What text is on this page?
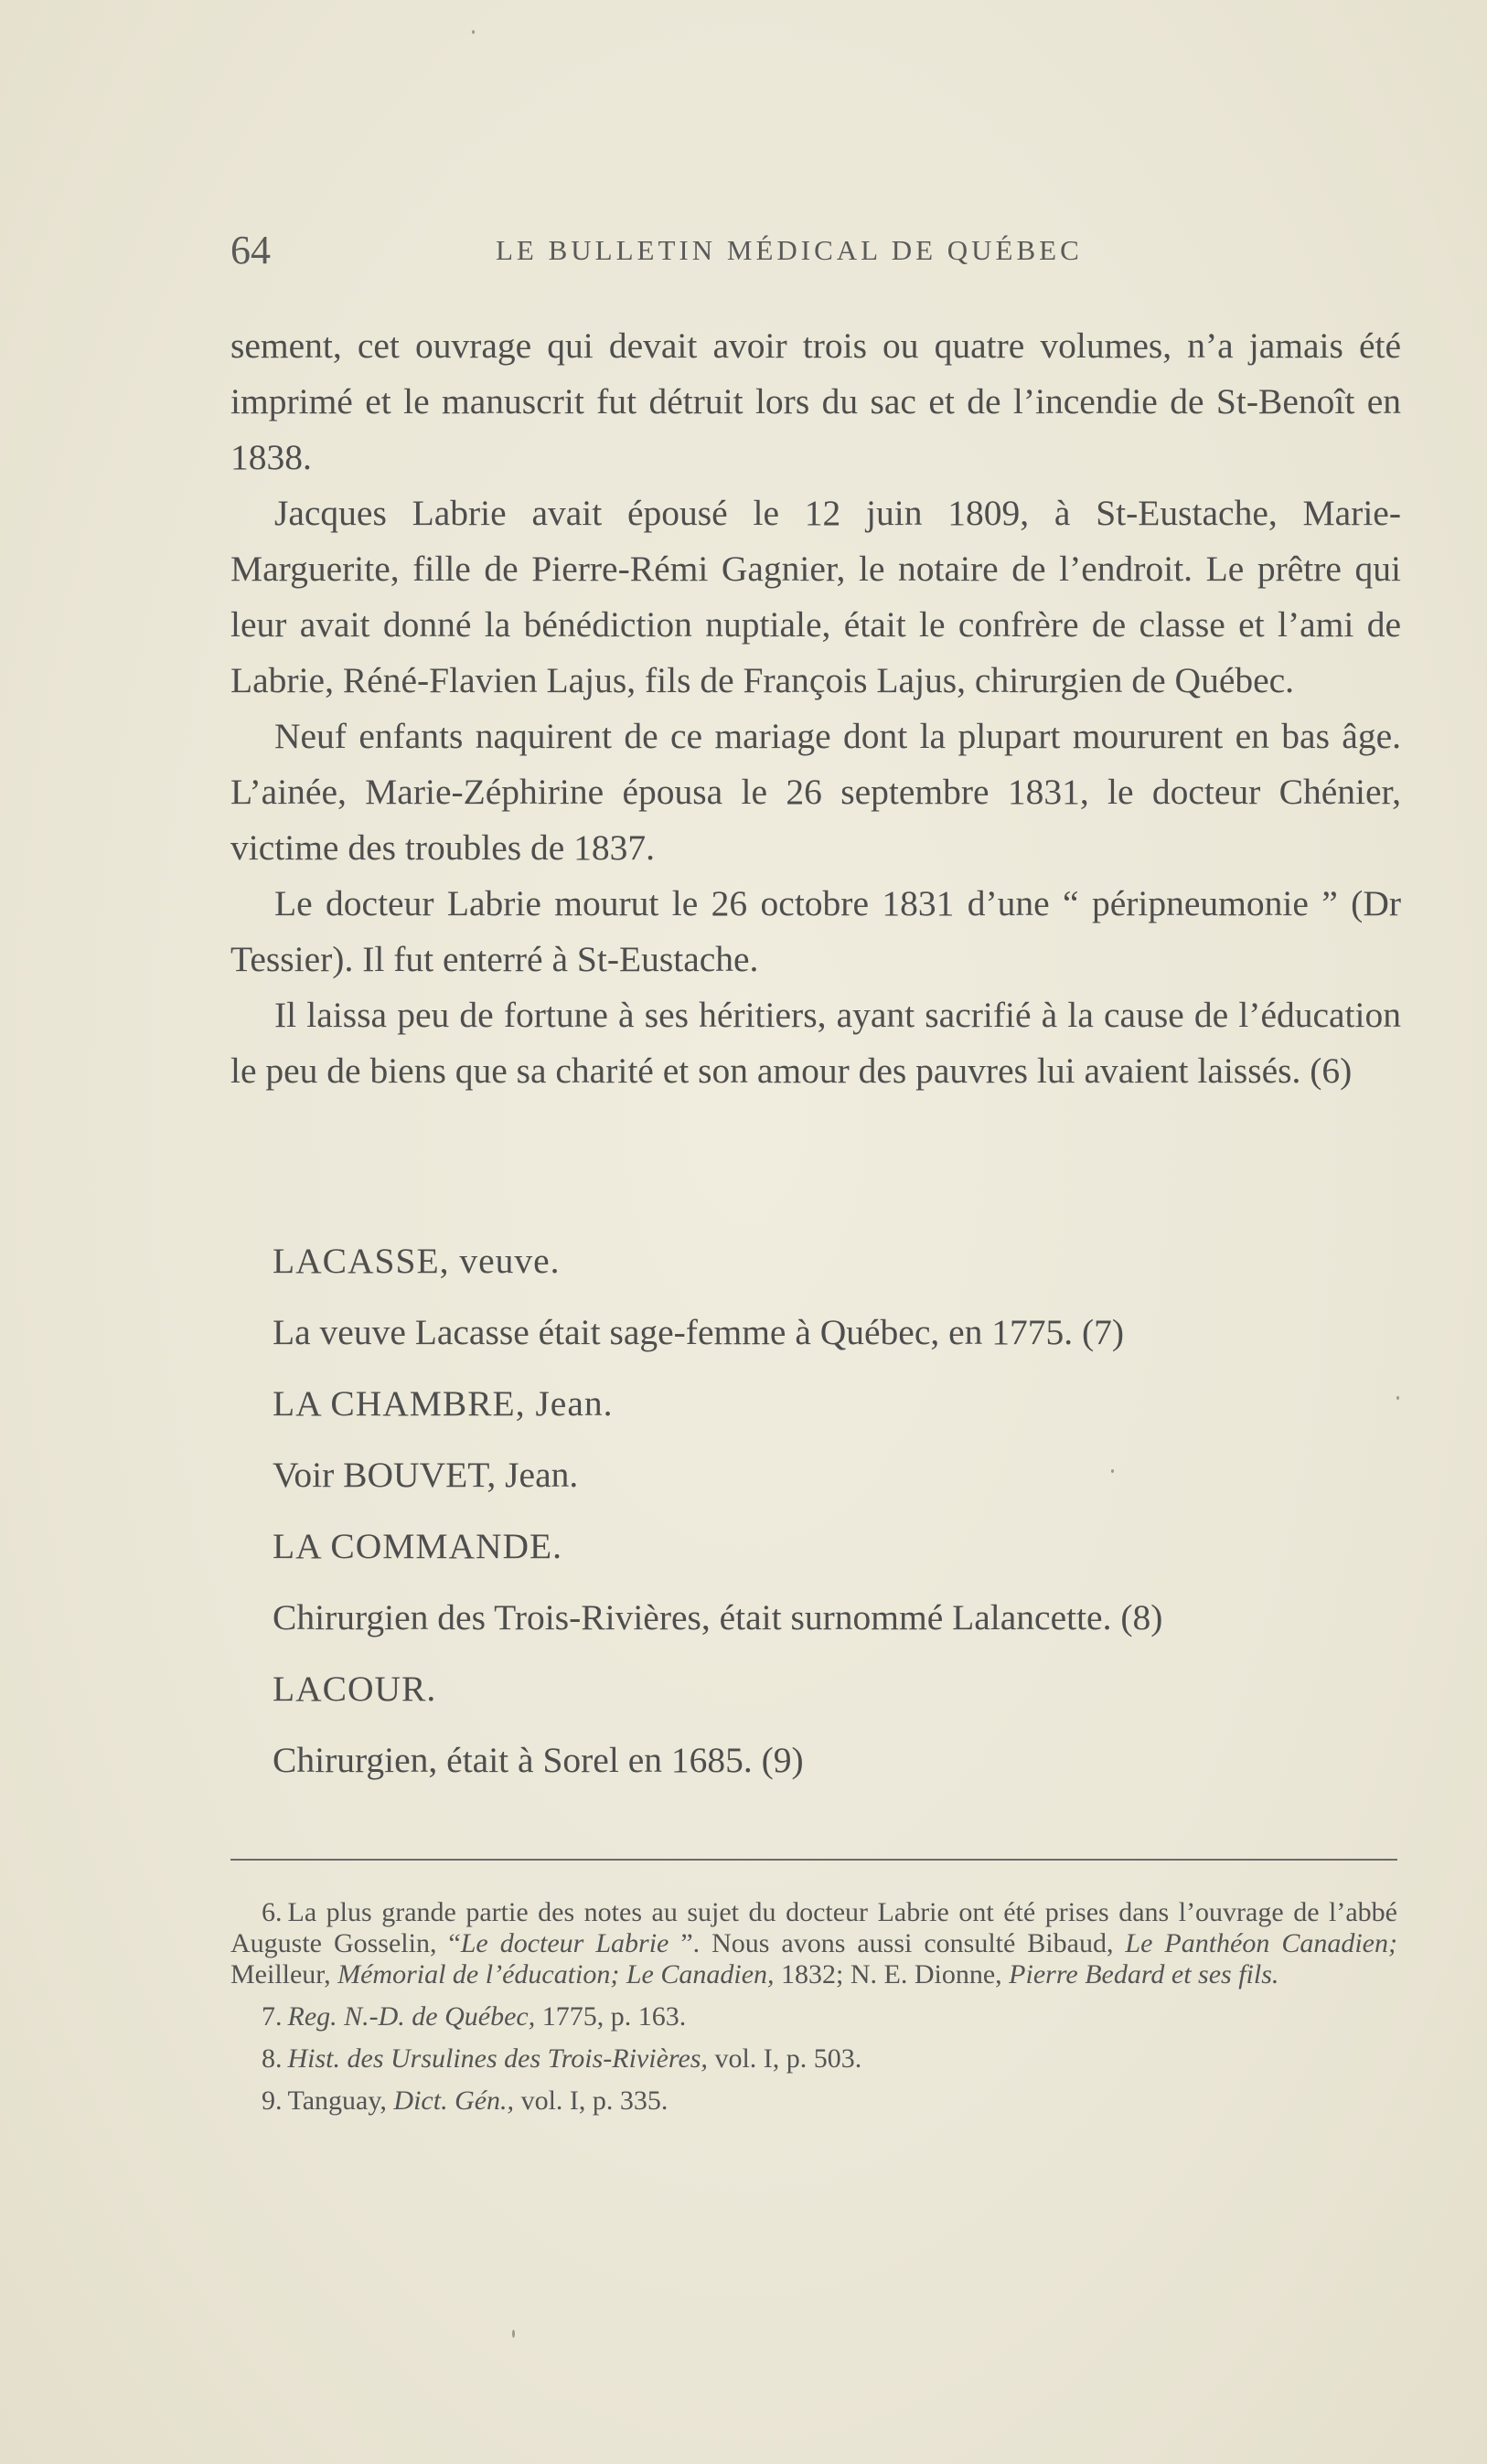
64	LE BULLETIN MÉDICAL DE QUÉBEC

sement, cet ouvrage qui devait avoir trois ou quatre volumes, n’a jamais été imprimé et le manuscrit fut détruit lors du sac et de l’incendie de St-Benoît en 1838.

Jacques Labrie avait épousé le 12 juin 1809, à St-Eustache, Marie-Marguerite, fille de Pierre-Rémi Gagnier, le notaire de l’endroit. Le prêtre qui leur avait donné la bénédiction nuptiale, était le confrère de classe et l’ami de Labrie, Réné-Flavien Lajus, fils de François Lajus, chirurgien de Québec.

Neuf enfants naquirent de ce mariage dont la plupart moururent en bas âge. L’ainée, Marie-Zéphirine épousa le 26 septembre 1831, le docteur Chénier, victime des troubles de 1837.

Le docteur Labrie mourut le 26 octobre 1831 d’une “ péripneumonie ” (Dr Tessier). Il fut enterré à St-Eustache.

Il laissa peu de fortune à ses héritiers, ayant sacrifié à la cause de l’éducation le peu de biens que sa charité et son amour des pauvres lui avaient laissés. (6)

LACASSE, veuve.
La veuve Lacasse était sage-femme à Québec, en 1775. (7)
LA CHAMBRE, Jean.
Voir BOUVET, Jean.
LA COMMANDE.
Chirurgien des Trois-Rivières, était surnommé Lalancette. (8)
LACOUR.
Chirurgien, était à Sorel en 1685. (9)

6. La plus grande partie des notes au sujet du docteur Labrie ont été prises dans l’ouvrage de l’abbé Auguste Gosselin, “Le docteur Labrie ”. Nous avons aussi consulté Bibaud, Le Panthéon Canadien; Meilleur, Mémorial de l’éducation; Le Canadien, 1832; N. E. Dionne, Pierre Bedard et ses fils.

7. Reg. N.-D. de Québec, 1775, p. 163.

8. Hist. des Ursulines des Trois-Rivières, vol. I, p. 503.

9. Tanguay, Dict. Gén., vol. I, p. 335.
